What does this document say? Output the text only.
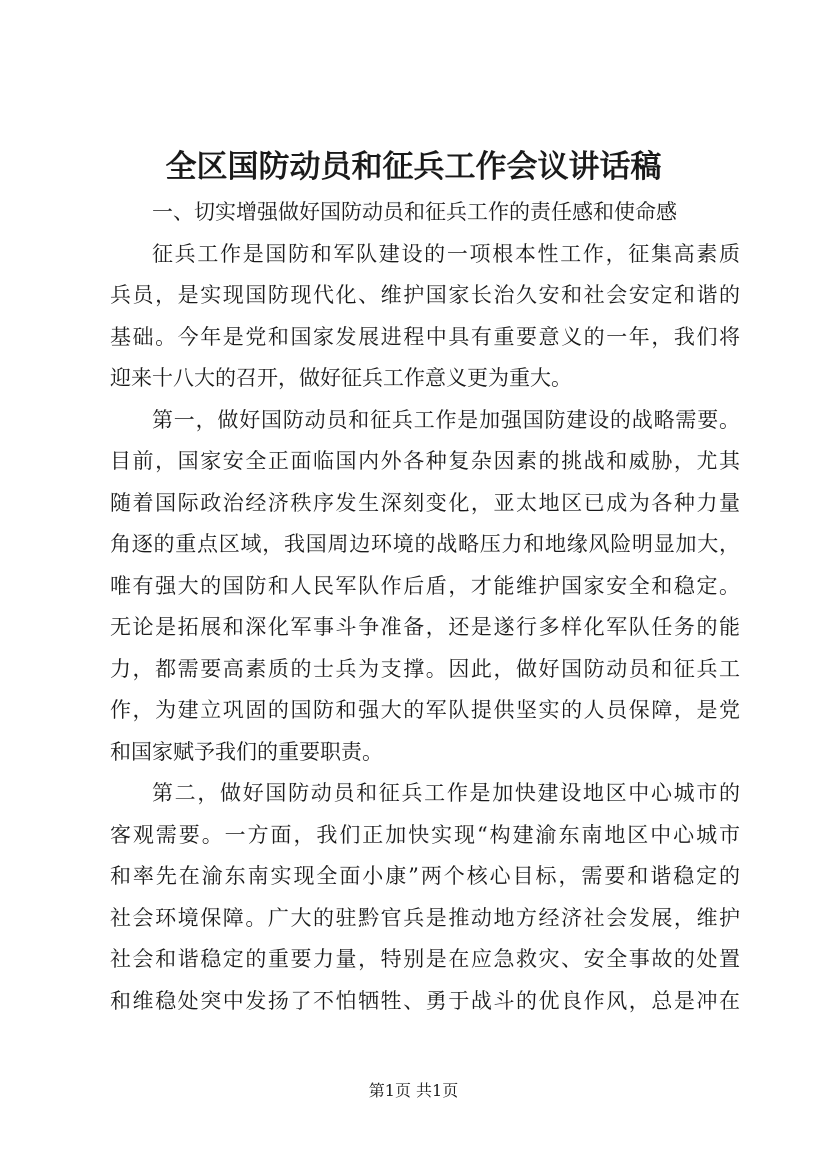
全区国防动员和征兵工作会议讲话稿
一、切实增强做好国防动员和征兵工作的责任感和使命感
征兵工作是国防和军队建设的一项根本性工作，征集高素质
兵员，是实现国防现代化、维护国家长治久安和社会安定和谐的
基础。今年是党和国家发展进程中具有重要意义的一年，我们将
迎来十八大的召开，做好征兵工作意义更为重大。
第一，做好国防动员和征兵工作是加强国防建设的战略需要。
目前，国家安全正面临国内外各种复杂因素的挑战和威胁，尤其
随着国际政治经济秩序发生深刻变化，亚太地区已成为各种力量
角逐的重点区域，我国周边环境的战略压力和地缘风险明显加大，
唯有强大的国防和人民军队作后盾，才能维护国家安全和稳定。
无论是拓展和深化军事斗争准备，还是遂行多样化军队任务的能
力，都需要高素质的士兵为支撑。因此，做好国防动员和征兵工
作，为建立巩固的国防和强大的军队提供坚实的人员保障，是党
和国家赋予我们的重要职责。
第二，做好国防动员和征兵工作是加快建设地区中心城市的
客观需要。一方面，我们正加快实现“构建渝东南地区中心城市
和率先在渝东南实现全面小康”两个核心目标，需要和谐稳定的
社会环境保障。广大的驻黔官兵是推动地方经济社会发展，维护
社会和谐稳定的重要力量，特别是在应急救灾、安全事故的处置
和维稳处突中发扬了不怕牺牲、勇于战斗的优良作风，总是冲在
第1页 共1页
